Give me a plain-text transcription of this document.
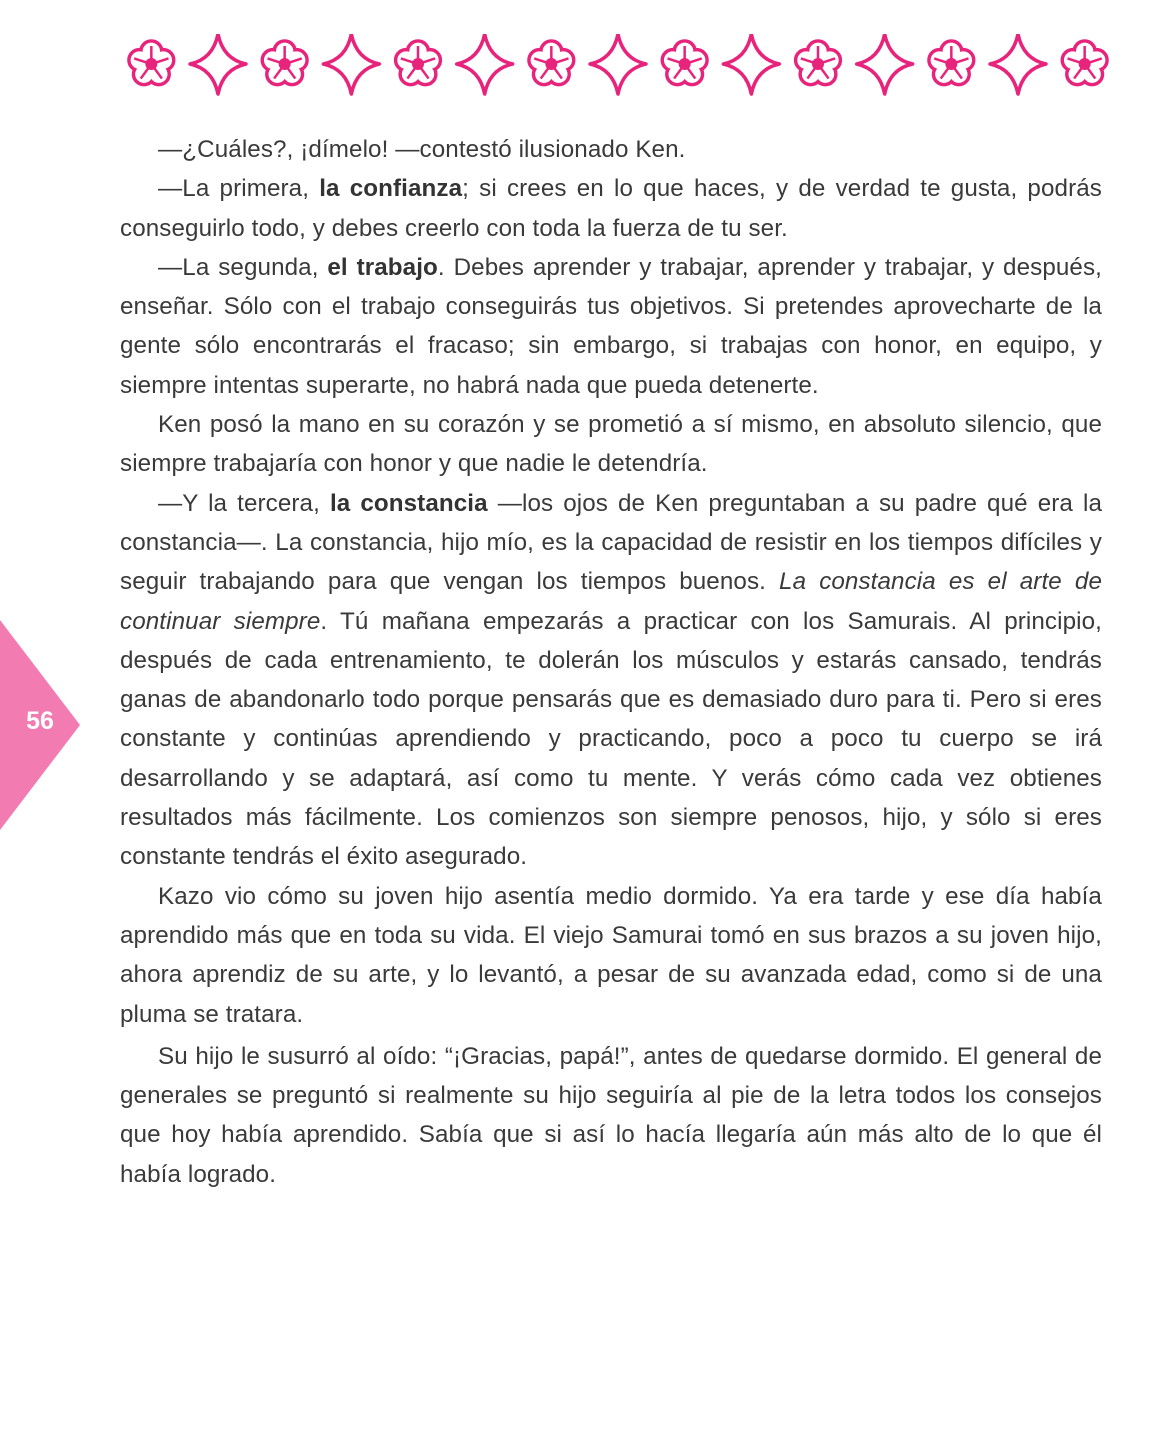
56

—¿Cuáles?, ¡dímelo! —contestó ilusionado Ken.

—La primera, la confianza; si crees en lo que haces, y de verdad te gusta, podrás conseguirlo todo, y debes creerlo con toda la fuerza de tu ser.

—La segunda, el trabajo. Debes aprender y trabajar, aprender y trabajar, y después, enseñar. Sólo con el trabajo conseguirás tus objetivos. Si pretendes aprovecharte de la gente sólo encontrarás el fracaso; sin embargo, si trabajas con honor, en equipo, y siempre intentas superarte, no habrá nada que pueda detenerte.

Ken posó la mano en su corazón y se prometió a sí mismo, en absoluto silencio, que siempre trabajaría con honor y que nadie le detendría.

—Y la tercera, la constancia —los ojos de Ken preguntaban a su padre qué era la constancia—. La constancia, hijo mío, es la capacidad de resistir en los tiempos difíciles y seguir trabajando para que vengan los tiempos buenos. La constancia es el arte de continuar siempre. Tú mañana empezarás a practicar con los Samurais. Al principio, después de cada entrenamiento, te dolerán los músculos y estarás cansado, tendrás ganas de abandonarlo todo porque pensarás que es demasiado duro para ti. Pero si eres constante y continúas aprendiendo y practicando, poco a poco tu cuerpo se irá desarrollando y se adaptará, así como tu mente. Y verás cómo cada vez obtienes resultados más fácilmente. Los comienzos son siempre penosos, hijo, y sólo si eres constante tendrás el éxito asegurado.

Kazo vio cómo su joven hijo asentía medio dormido. Ya era tarde y ese día había aprendido más que en toda su vida. El viejo Samurai tomó en sus brazos a su joven hijo, ahora aprendiz de su arte, y lo levantó, a pesar de su avanzada edad, como si de una pluma se tratara.

Su hijo le susurró al oído: “¡Gracias, papá!”, antes de quedarse dormido. El general de generales se preguntó si realmente su hijo seguiría al pie de la letra todos los consejos que hoy había aprendido. Sabía que si así lo hacía llegaría aún más alto de lo que él había logrado.
